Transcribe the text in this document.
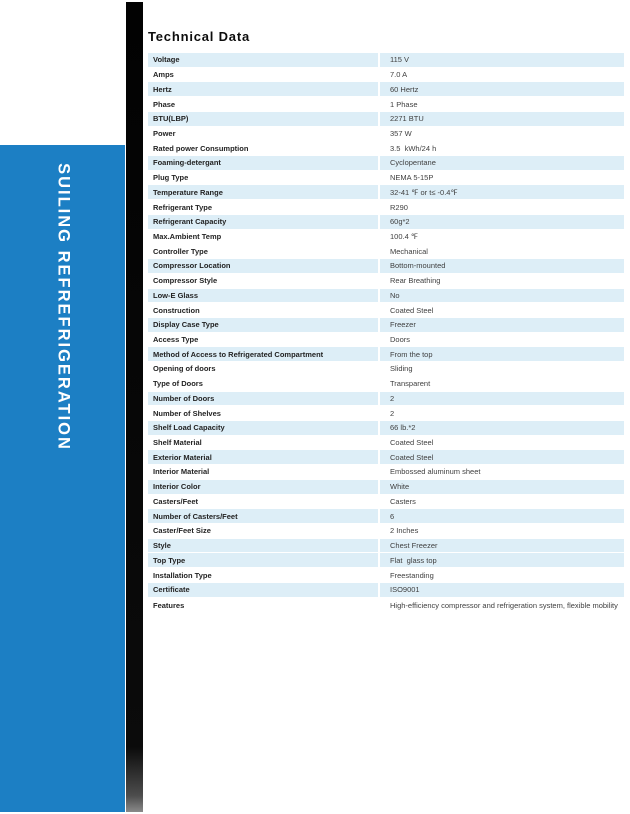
SUILING REFREFRIGERATION
Technical Data
Voltage	115 V
Amps	7.0 A
Hertz	60 Hertz
Phase	1 Phase
BTU(LBP)	2271 BTU
Power	357 W
Rated power Consumption	3.5  kWh/24 h
Foaming-detergant	Cyclopentane
Plug Type	NEMA 5-15P
Temperature Range	32-41 ℉ or t≤ -0.4℉
Refrigerant Type	R290
Refrigerant Capacity	60g*2
Max.Ambient Temp	100.4 ℉
Controller Type	Mechanical
Compressor Location	Bottom-mounted
Compressor Style	Rear Breathing
Low-E Glass	No
Construction	Coated Steel
Display Case Type	Freezer
Access Type	Doors
Method of Access to Refrigerated Compartment	From the top
Opening of doors	Sliding
Type of Doors	Transparent
Number of Doors	2
Number of Shelves	2
Shelf Load Capacity	66 lb.*2
Shelf Material	Coated Steel
Exterior Material	Coated Steel
Interior Material	Embossed aluminum sheet
Interior Color	White
Casters/Feet	Casters
Number of Casters/Feet	6
Caster/Feet Size	2 Inches
Style	Chest Freezer
Top Type	Flat  glass top
Installation Type	Freestanding
Certificate	ISO9001
Features	High-efficiency compressor and refrigeration system, flexible mobility
